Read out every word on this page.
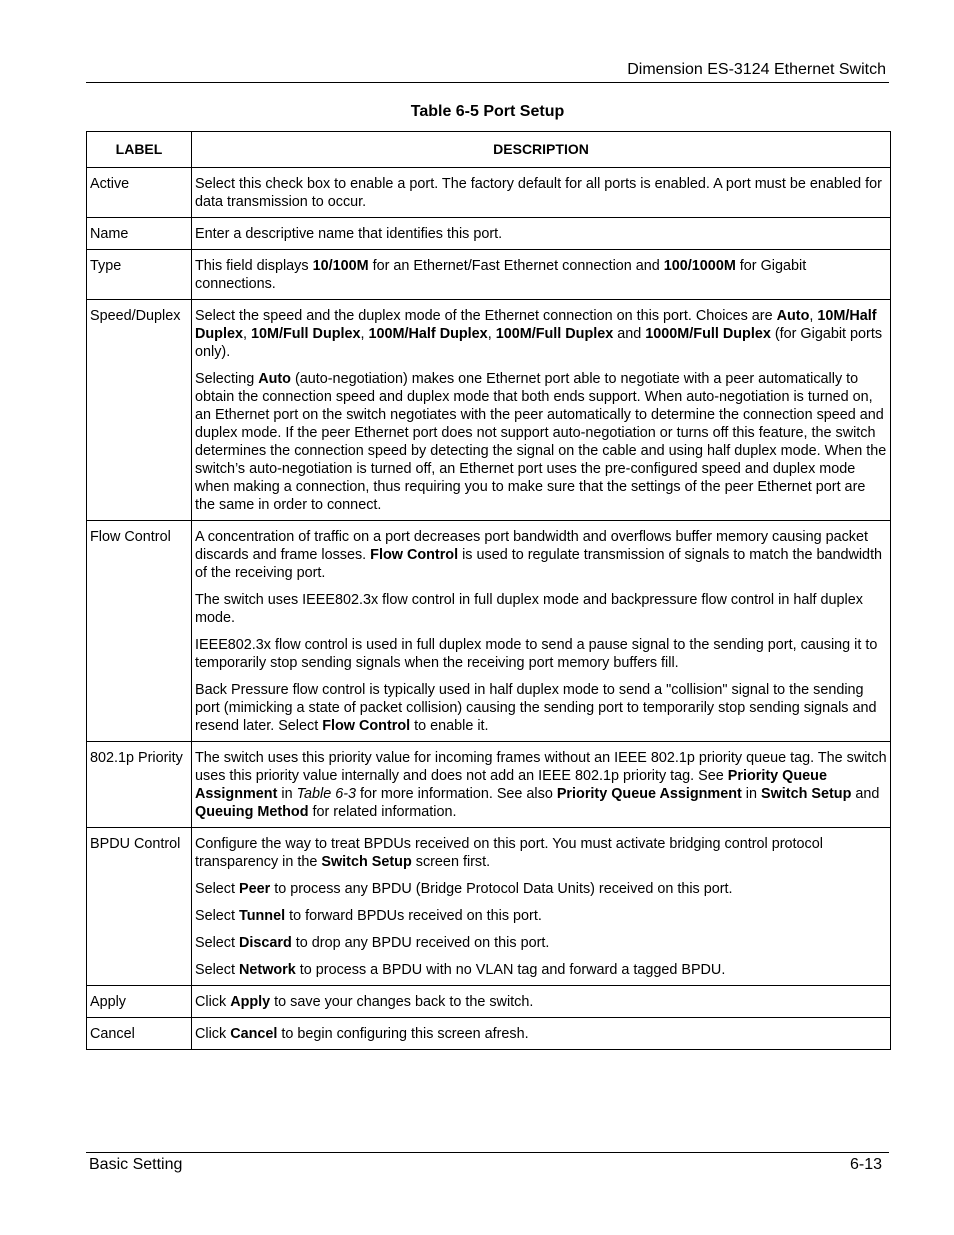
Dimension ES-3124 Ethernet Switch
Table 6-5 Port Setup
LABEL	DESCRIPTION
Active	Select this check box to enable a port. The factory default for all ports is enabled. A port must be enabled for data transmission to occur.

Name	Enter a descriptive name that identifies this port.

Type	This field displays 10/100M for an Ethernet/Fast Ethernet connection and 100/1000M for Gigabit connections.

Speed/Duplex	Select the speed and the duplex mode of the Ethernet connection on this port. Choices are Auto, 10M/Half Duplex, 10M/Full Duplex, 100M/Half Duplex, 100M/Full Duplex and 1000M/Full Duplex (for Gigabit ports only).

Selecting Auto (auto-negotiation) makes one Ethernet port able to negotiate with a peer automatically to obtain the connection speed and duplex mode that both ends support. When auto-negotiation is turned on, an Ethernet port on the switch negotiates with the peer automatically to determine the connection speed and duplex mode. If the peer Ethernet port does not support auto-negotiation or turns off this feature, the switch determines the connection speed by detecting the signal on the cable and using half duplex mode. When the switch’s auto-negotiation is turned off, an Ethernet port uses the pre-configured speed and duplex mode when making a connection, thus requiring you to make sure that the settings of the peer Ethernet port are the same in order to connect.

Flow Control	A concentration of traffic on a port decreases port bandwidth and overflows buffer memory causing packet discards and frame losses. Flow Control is used to regulate transmission of signals to match the bandwidth of the receiving port.

The switch uses IEEE802.3x flow control in full duplex mode and backpressure flow control in half duplex mode.

IEEE802.3x flow control is used in full duplex mode to send a pause signal to the sending port, causing it to temporarily stop sending signals when the receiving port memory buffers fill.

Back Pressure flow control is typically used in half duplex mode to send a "collision" signal to the sending port (mimicking a state of packet collision) causing the sending port to temporarily stop sending signals and resend later. Select Flow Control to enable it.

802.1p Priority	The switch uses this priority value for incoming frames without an IEEE 802.1p priority queue tag. The switch uses this priority value internally and does not add an IEEE 802.1p priority tag. See Priority Queue Assignment in Table 6-3 for more information. See also Priority Queue Assignment in Switch Setup and Queuing Method for related information.

BPDU Control	Configure the way to treat BPDUs received on this port. You must activate bridging control protocol transparency in the Switch Setup screen first.

Select Peer to process any BPDU (Bridge Protocol Data Units) received on this port.

Select Tunnel to forward BPDUs received on this port.

Select Discard to drop any BPDU received on this port.

Select Network to process a BPDU with no VLAN tag and forward a tagged BPDU.

Apply	Click Apply to save your changes back to the switch.

Cancel	Click Cancel to begin configuring this screen afresh.

Basic Setting	6-13
